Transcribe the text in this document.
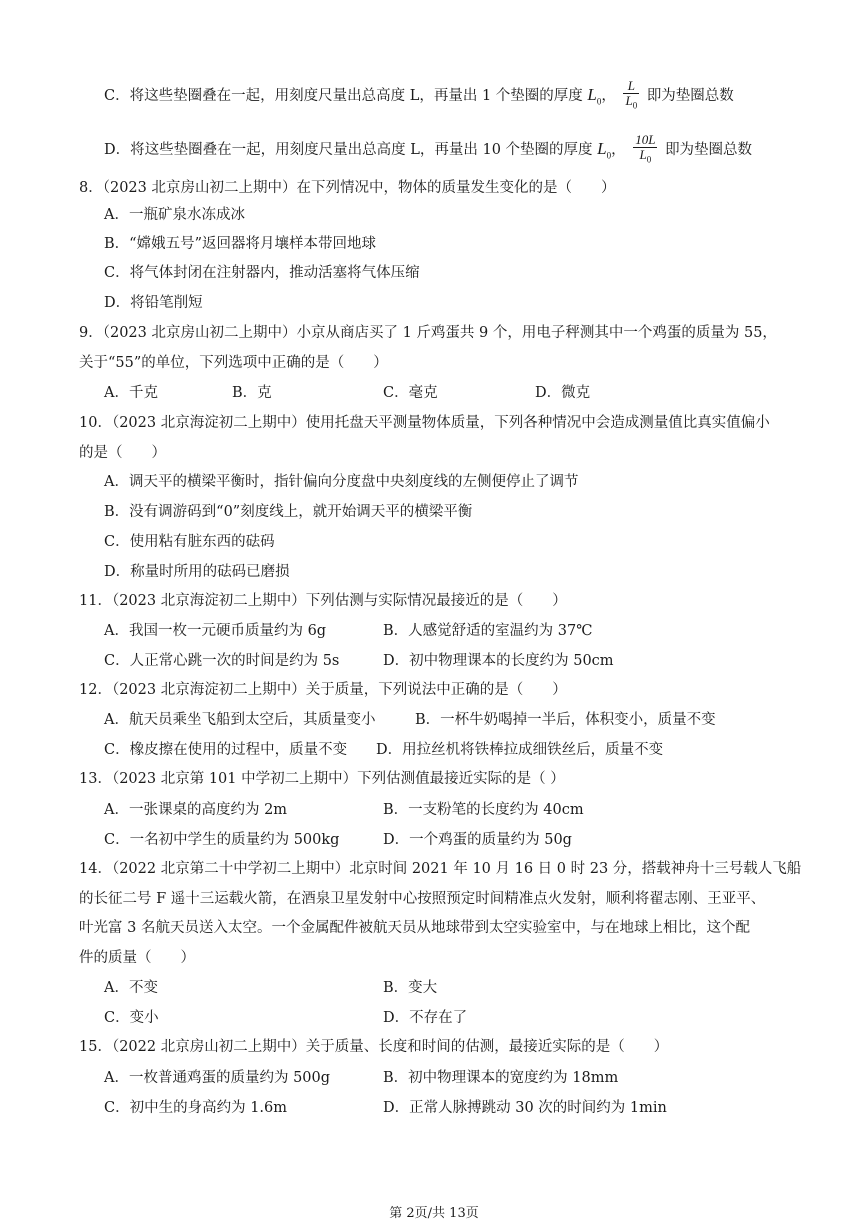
C．将这些垫圈叠在一起，用刻度尺量出总高度 L，再量出 1 个垫圈的厚度 $L_0$， $\frac{L}{L_0}$ 即为垫圈总数
D．将这些垫圈叠在一起，用刻度尺量出总高度 L，再量出 10 个垫圈的厚度 $L_0$， $\frac{10L}{L_0}$ 即为垫圈总数
8．（2023 北京房山初二上期中）在下列情况中，物体的质量发生变化的是（　　）
A．一瓶矿泉水冻成冰
B．“嫦娥五号”返回器将月壤样本带回地球
C．将气体封闭在注射器内，推动活塞将气体压缩
D．将铅笔削短
9．（2023 北京房山初二上期中）小京从商店买了 1 斤鸡蛋共 9 个，用电子秤测其中一个鸡蛋的质量为 55，
关于“55”的单位，下列选项中正确的是（　　）
A．千克	B．克	C．毫克	D．微克
10．（2023 北京海淀初二上期中）使用托盘天平测量物体质量，下列各种情况中会造成测量值比真实值偏小
的是（　　）
A．调天平的横梁平衡时，指针偏向分度盘中央刻度线的左侧便停止了调节
B．没有调游码到“0”刻度线上，就开始调天平的横梁平衡
C．使用粘有脏东西的砝码
D．称量时所用的砝码已磨损
11．（2023 北京海淀初二上期中）下列估测与实际情况最接近的是（　　）
A．我国一枚一元硬币质量约为 6g	B．人感觉舒适的室温约为 37℃
C．人正常心跳一次的时间是约为 5s	D．初中物理课本的长度约为 50cm
12．（2023 北京海淀初二上期中）关于质量，下列说法中正确的是（　　）
A．航天员乘坐飞船到太空后，其质量变小	B．一杯牛奶喝掉一半后，体积变小，质量不变
C．橡皮擦在使用的过程中，质量不变 D．用拉丝机将铁棒拉成细铁丝后，质量不变
13．（2023 北京第 101 中学初二上期中）下列估测值最接近实际的是（ ）
A．一张课桌的高度约为 2m	B．一支粉笔的长度约为 40cm
C．一名初中学生的质量约为 500kg	D．一个鸡蛋的质量约为 50g
14．（2022 北京第二十中学初二上期中）北京时间 2021 年 10 月 16 日 0 时 23 分，搭载神舟十三号载人飞船
的长征二号 F 遥十三运载火箭，在酒泉卫星发射中心按照预定时间精准点火发射，顺利将翟志刚、王亚平、
叶光富 3 名航天员送入太空。一个金属配件被航天员从地球带到太空实验室中，与在地球上相比，这个配
件的质量（　　）
A．不变	B．变大
C．变小	D．不存在了
15．（2022 北京房山初二上期中）关于质量、长度和时间的估测，最接近实际的是（　　）
A．一枚普通鸡蛋的质量约为 500g	B．初中物理课本的宽度约为 18mm
C．初中生的身高约为 1.6m	D．正常人脉搏跳动 30 次的时间约为 1min
第 2页/共 13页
